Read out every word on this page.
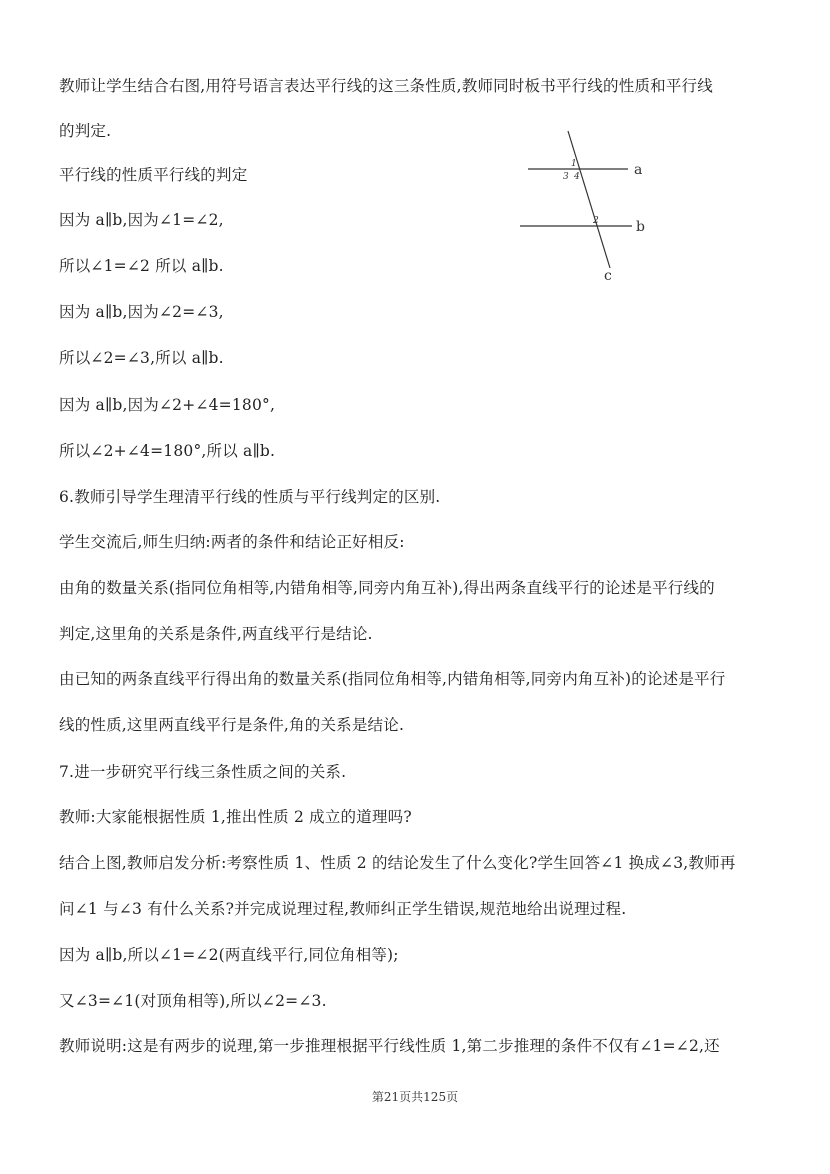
教师让学生结合右图,用符号语言表达平行线的这三条性质,教师同时板书平行线的性质和平行线
的判定.
平行线的性质平行线的判定
因为 a∥b,因为∠1=∠2,
所以∠1=∠2 所以 a∥b.
因为 a∥b,因为∠2=∠3,
所以∠2=∠3,所以 a∥b.
因为 a∥b,因为∠2+∠4=180°,
所以∠2+∠4=180°,所以 a∥b.
6.教师引导学生理清平行线的性质与平行线判定的区别.
学生交流后,师生归纳:两者的条件和结论正好相反:
由角的数量关系(指同位角相等,内错角相等,同旁内角互补),得出两条直线平行的论述是平行线的
判定,这里角的关系是条件,两直线平行是结论.
由已知的两条直线平行得出角的数量关系(指同位角相等,内错角相等,同旁内角互补)的论述是平行
线的性质,这里两直线平行是条件,角的关系是结论.
7.进一步研究平行线三条性质之间的关系.
教师:大家能根据性质 1,推出性质 2 成立的道理吗?
结合上图,教师启发分析:考察性质 1、性质 2 的结论发生了什么变化?学生回答∠1 换成∠3,教师再
问∠1 与∠3 有什么关系?并完成说理过程,教师纠正学生错误,规范地给出说理过程.
因为 a∥b,所以∠1=∠2(两直线平行,同位角相等);
又∠3=∠1(对顶角相等),所以∠2=∠3.
教师说明:这是有两步的说理,第一步推理根据平行线性质 1,第二步推理的条件不仅有∠1=∠2,还
a
b
c
1
3 4
2
第21页共125页
